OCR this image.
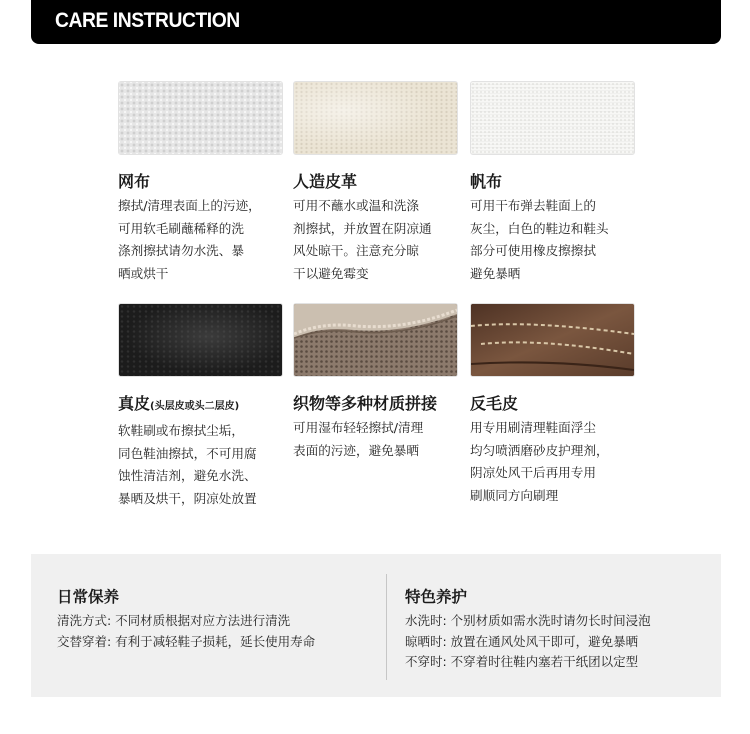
CARE INSTRUCTION
网布
擦拭/清理表面上的污迹，
可用软毛刷蘸稀释的洗
涤剂擦拭请勿水洗、暴
晒或烘干
人造皮革
可用不蘸水或温和洗涤
剂擦拭，并放置在阴凉通
风处晾干。注意充分晾
干以避免霉变
帆布
可用干布弹去鞋面上的
灰尘，白色的鞋边和鞋头
部分可使用橡皮擦擦拭
避免暴晒
真皮(头层皮或头二层皮)
软鞋刷或布擦拭尘垢，
同色鞋油擦拭，不可用腐
蚀性清洁剂，避免水洗、
暴晒及烘干，阴凉处放置
织物等多种材质拼接
可用湿布轻轻擦拭/清理
表面的污迹，避免暴晒
反毛皮
用专用刷清理鞋面浮尘
均匀喷洒磨砂皮护理剂，
阴凉处风干后再用专用
刷顺同方向刷理
日常保养
清洗方式: 不同材质根据对应方法进行清洗
交替穿着: 有利于减轻鞋子损耗，延长使用寿命
特色养护
水洗时: 个别材质如需水洗时请勿长时间浸泡
晾晒时: 放置在通风处风干即可，避免暴晒
不穿时: 不穿着时往鞋内塞若干纸团以定型
